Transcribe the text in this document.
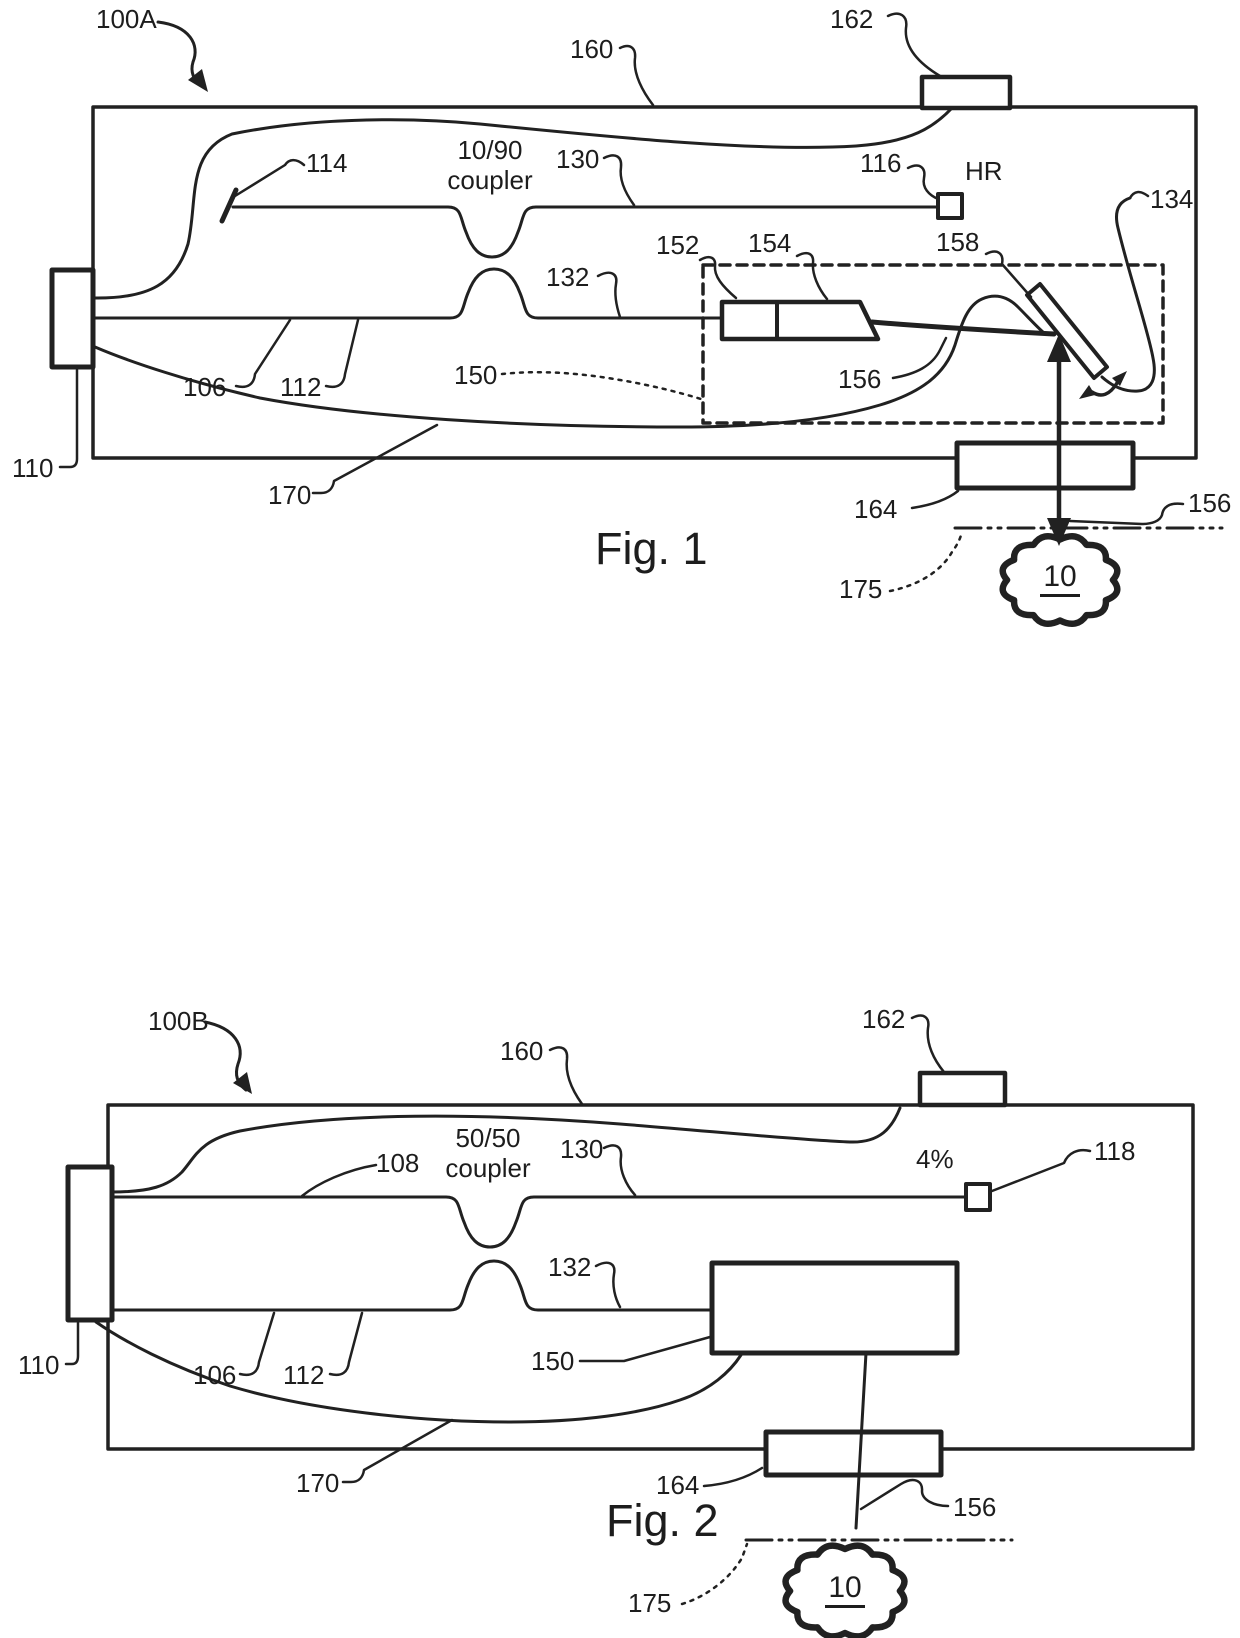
100A
160
162
114	10/90
coupler
130	116 HR
134
152 154	158
132
106 112	150	156
110
170	164	156
175	10
Fig. 1
100B
160
162
108
50/50
coupler
130	4%	118
132
106 112	150
110
170	164
156
175	10
Fig. 2
